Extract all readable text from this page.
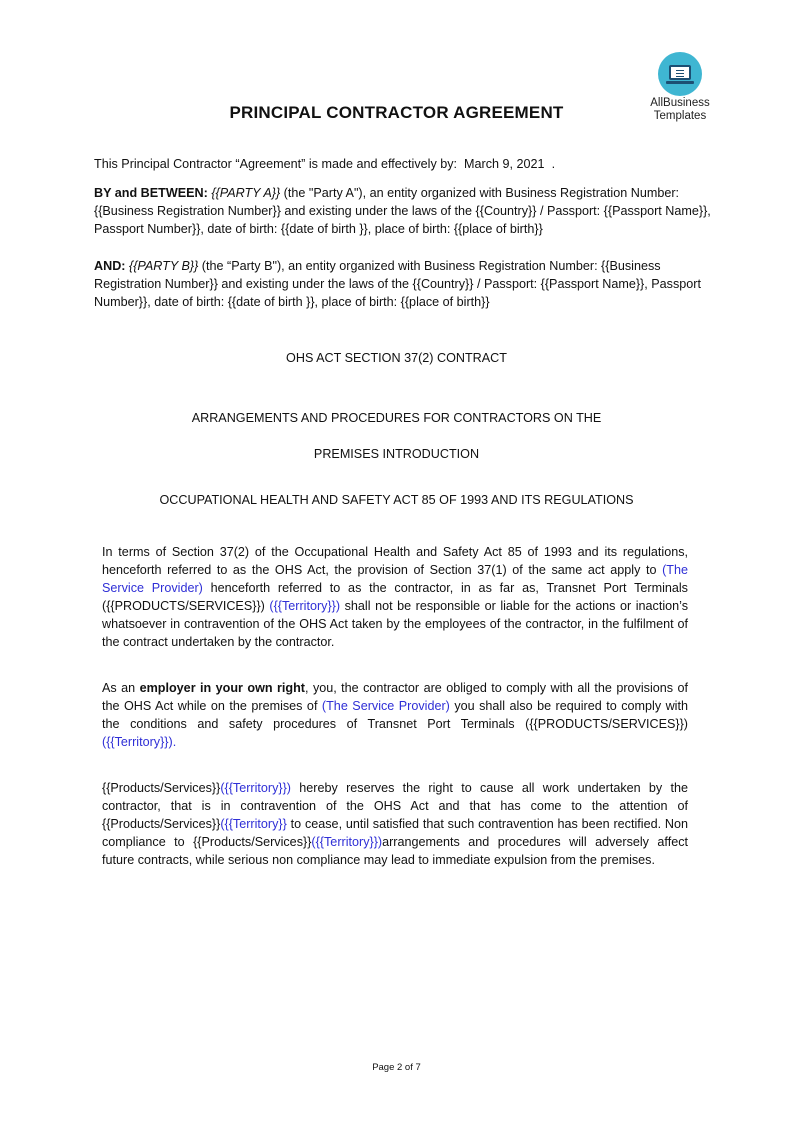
AllBusiness
Templates
PRINCIPAL CONTRACTOR AGREEMENT

This Principal Contractor “Agreement” is made and effectively by: March 9, 2021 .

BY and BETWEEN: {{PARTY A}} (the "Party A"), an entity organized with Business Registration Number: {{Business Registration Number}} and existing under the laws of the {{Country}} / Passport: {{Passport Name}}, Passport Number}}, date of birth: {{date of birth }}, place of birth: {{place of birth}}

AND: {{PARTY B}} (the “Party B"), an entity organized with Business Registration Number: {{Business Registration Number}} and existing under the laws of the {{Country}} / Passport: {{Passport Name}}, Passport Number}}, date of birth: {{date of birth }}, place of birth: {{place of birth}}

OHS ACT SECTION 37(2) CONTRACT
ARRANGEMENTS AND PROCEDURES FOR CONTRACTORS ON THE
PREMISES INTRODUCTION
OCCUPATIONAL HEALTH AND SAFETY ACT 85 OF 1993 AND ITS REGULATIONS

In terms of Section 37(2) of the Occupational Health and Safety Act 85 of 1993 and its regulations, henceforth referred to as the OHS Act, the provision of Section 37(1) of the same act apply to (The Service Provider) henceforth referred to as the contractor, in as far as, Transnet Port Terminals ({{PRODUCTS/SERVICES}}) ({{Territory}}) shall not be responsible or liable for the actions or inaction’s whatsoever in contravention of the OHS Act taken by the employees of the contractor, in the fulfilment of the contract undertaken by the contractor.

As an employer in your own right, you, the contractor are obliged to comply with all the provisions of the OHS Act while on the premises of (The Service Provider) you shall also be required to comply with the conditions and safety procedures of Transnet Port Terminals ({{PRODUCTS/SERVICES}}) ({{Territory}}).

{{Products/Services}}({{Territory}}) hereby reserves the right to cause all work undertaken by the contractor, that is in contravention of the OHS Act and that has come to the attention of {{Products/Services}}({{Territory}} to cease, until satisfied that such contravention has been rectified. Non compliance to {{Products/Services}}({{Territory}})arrangements and procedures will adversely affect future contracts, while serious non compliance may lead to immediate expulsion from the premises.

Page 2 of 7
